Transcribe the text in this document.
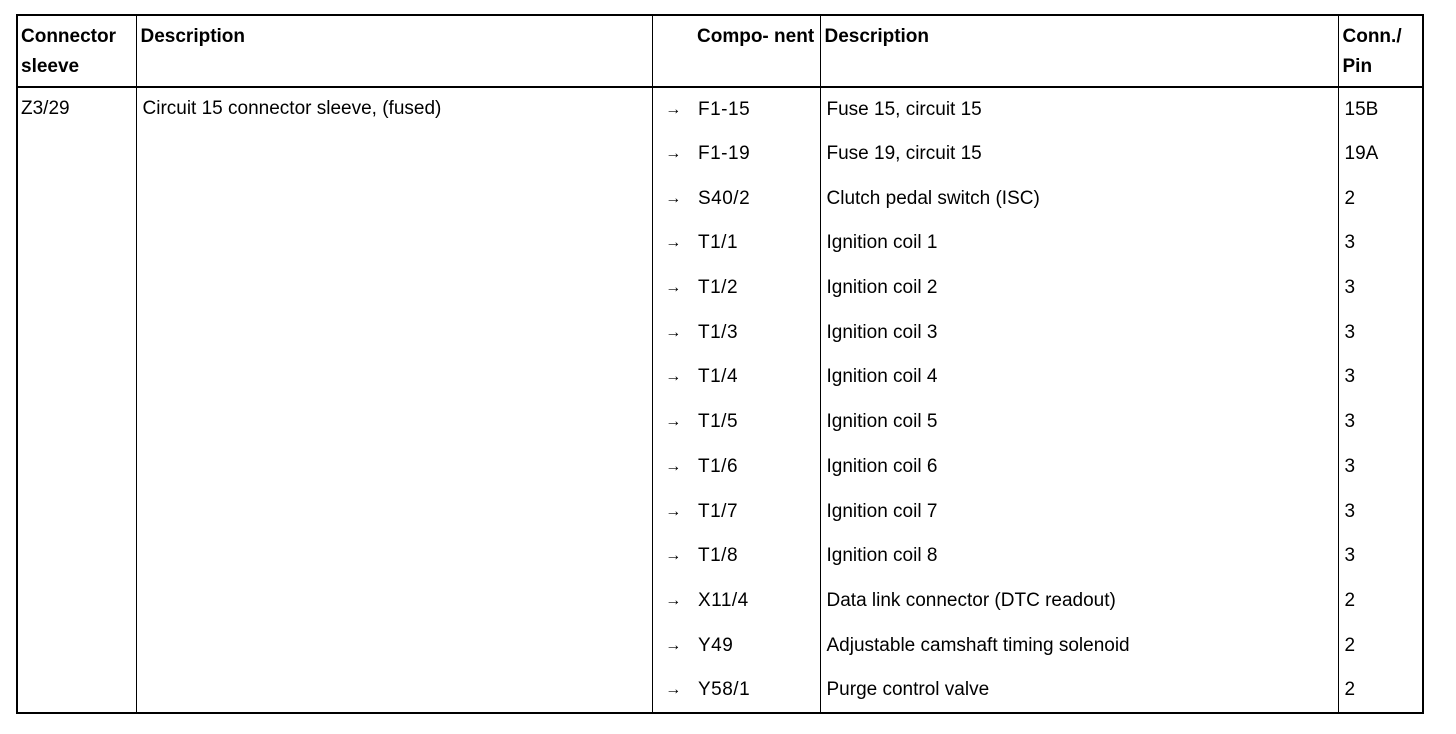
Connector sleeve	Description		Compo- nent	Description	Conn./ Pin
Z3/29	Circuit 15 connector sleeve, (fused)	→	F1-15	Fuse 15, circuit 15	15B
		→	F1-19	Fuse 19, circuit 15	19A
		→	S40/2	Clutch pedal switch (ISC)	2
		→	T1/1	Ignition coil 1	3
		→	T1/2	Ignition coil 2	3
		→	T1/3	Ignition coil 3	3
		→	T1/4	Ignition coil 4	3
		→	T1/5	Ignition coil 5	3
		→	T1/6	Ignition coil 6	3
		→	T1/7	Ignition coil 7	3
		→	T1/8	Ignition coil 8	3
		→	X11/4	Data link connector (DTC readout)	2
		→	Y49	Adjustable camshaft timing solenoid	2
		→	Y58/1	Purge control valve	2
